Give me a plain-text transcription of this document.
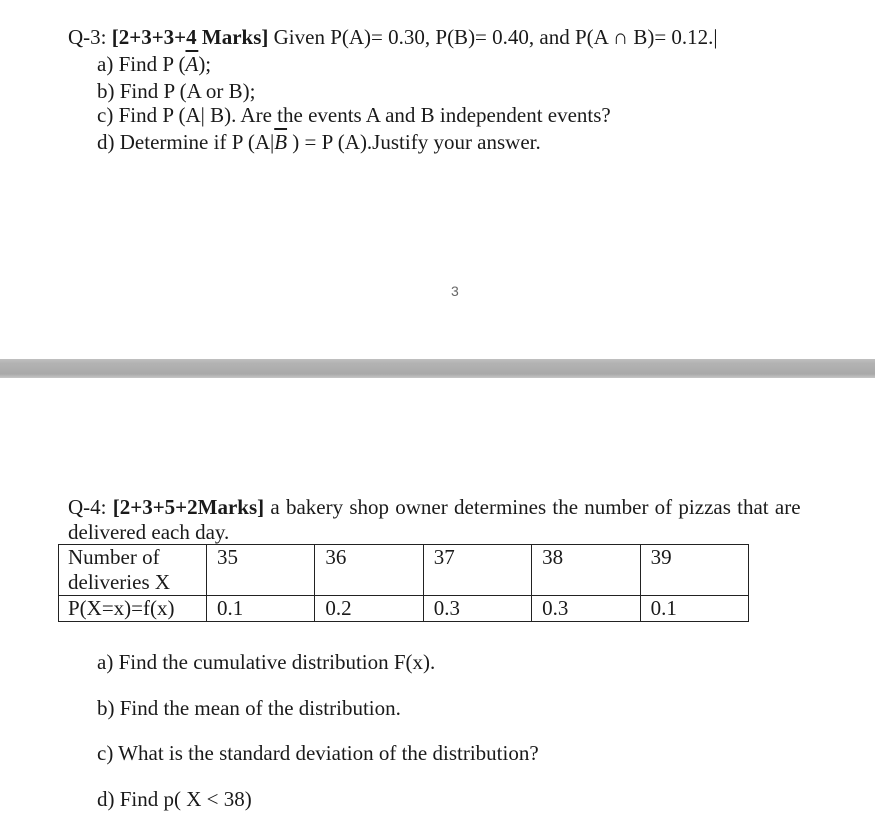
Q-3: [2+3+3+4 Marks] Given P(A)= 0.30, P(B)= 0.40, and P(A ∩ B)= 0.12.|
a) Find P $(\overline{A})$;
b) Find P (A or B);
c) Find P (A| B). Are the events A and B independent events?
d) Determine if P ($A|\overline{B}$ ) = P (A).Justify your answer.
3
Q-4: [2+3+5+2Marks] a bakery shop owner determines the number of pizzas that are
delivered each day.
Number of deliveries X	35	36	37	38	39
P(X=x)=f(x)	0.1	0.2	0.3	0.3	0.1
a) Find the cumulative distribution F(x).
b) Find the mean of the distribution.
c) What is the standard deviation of the distribution?
d) Find p( X < 38)
